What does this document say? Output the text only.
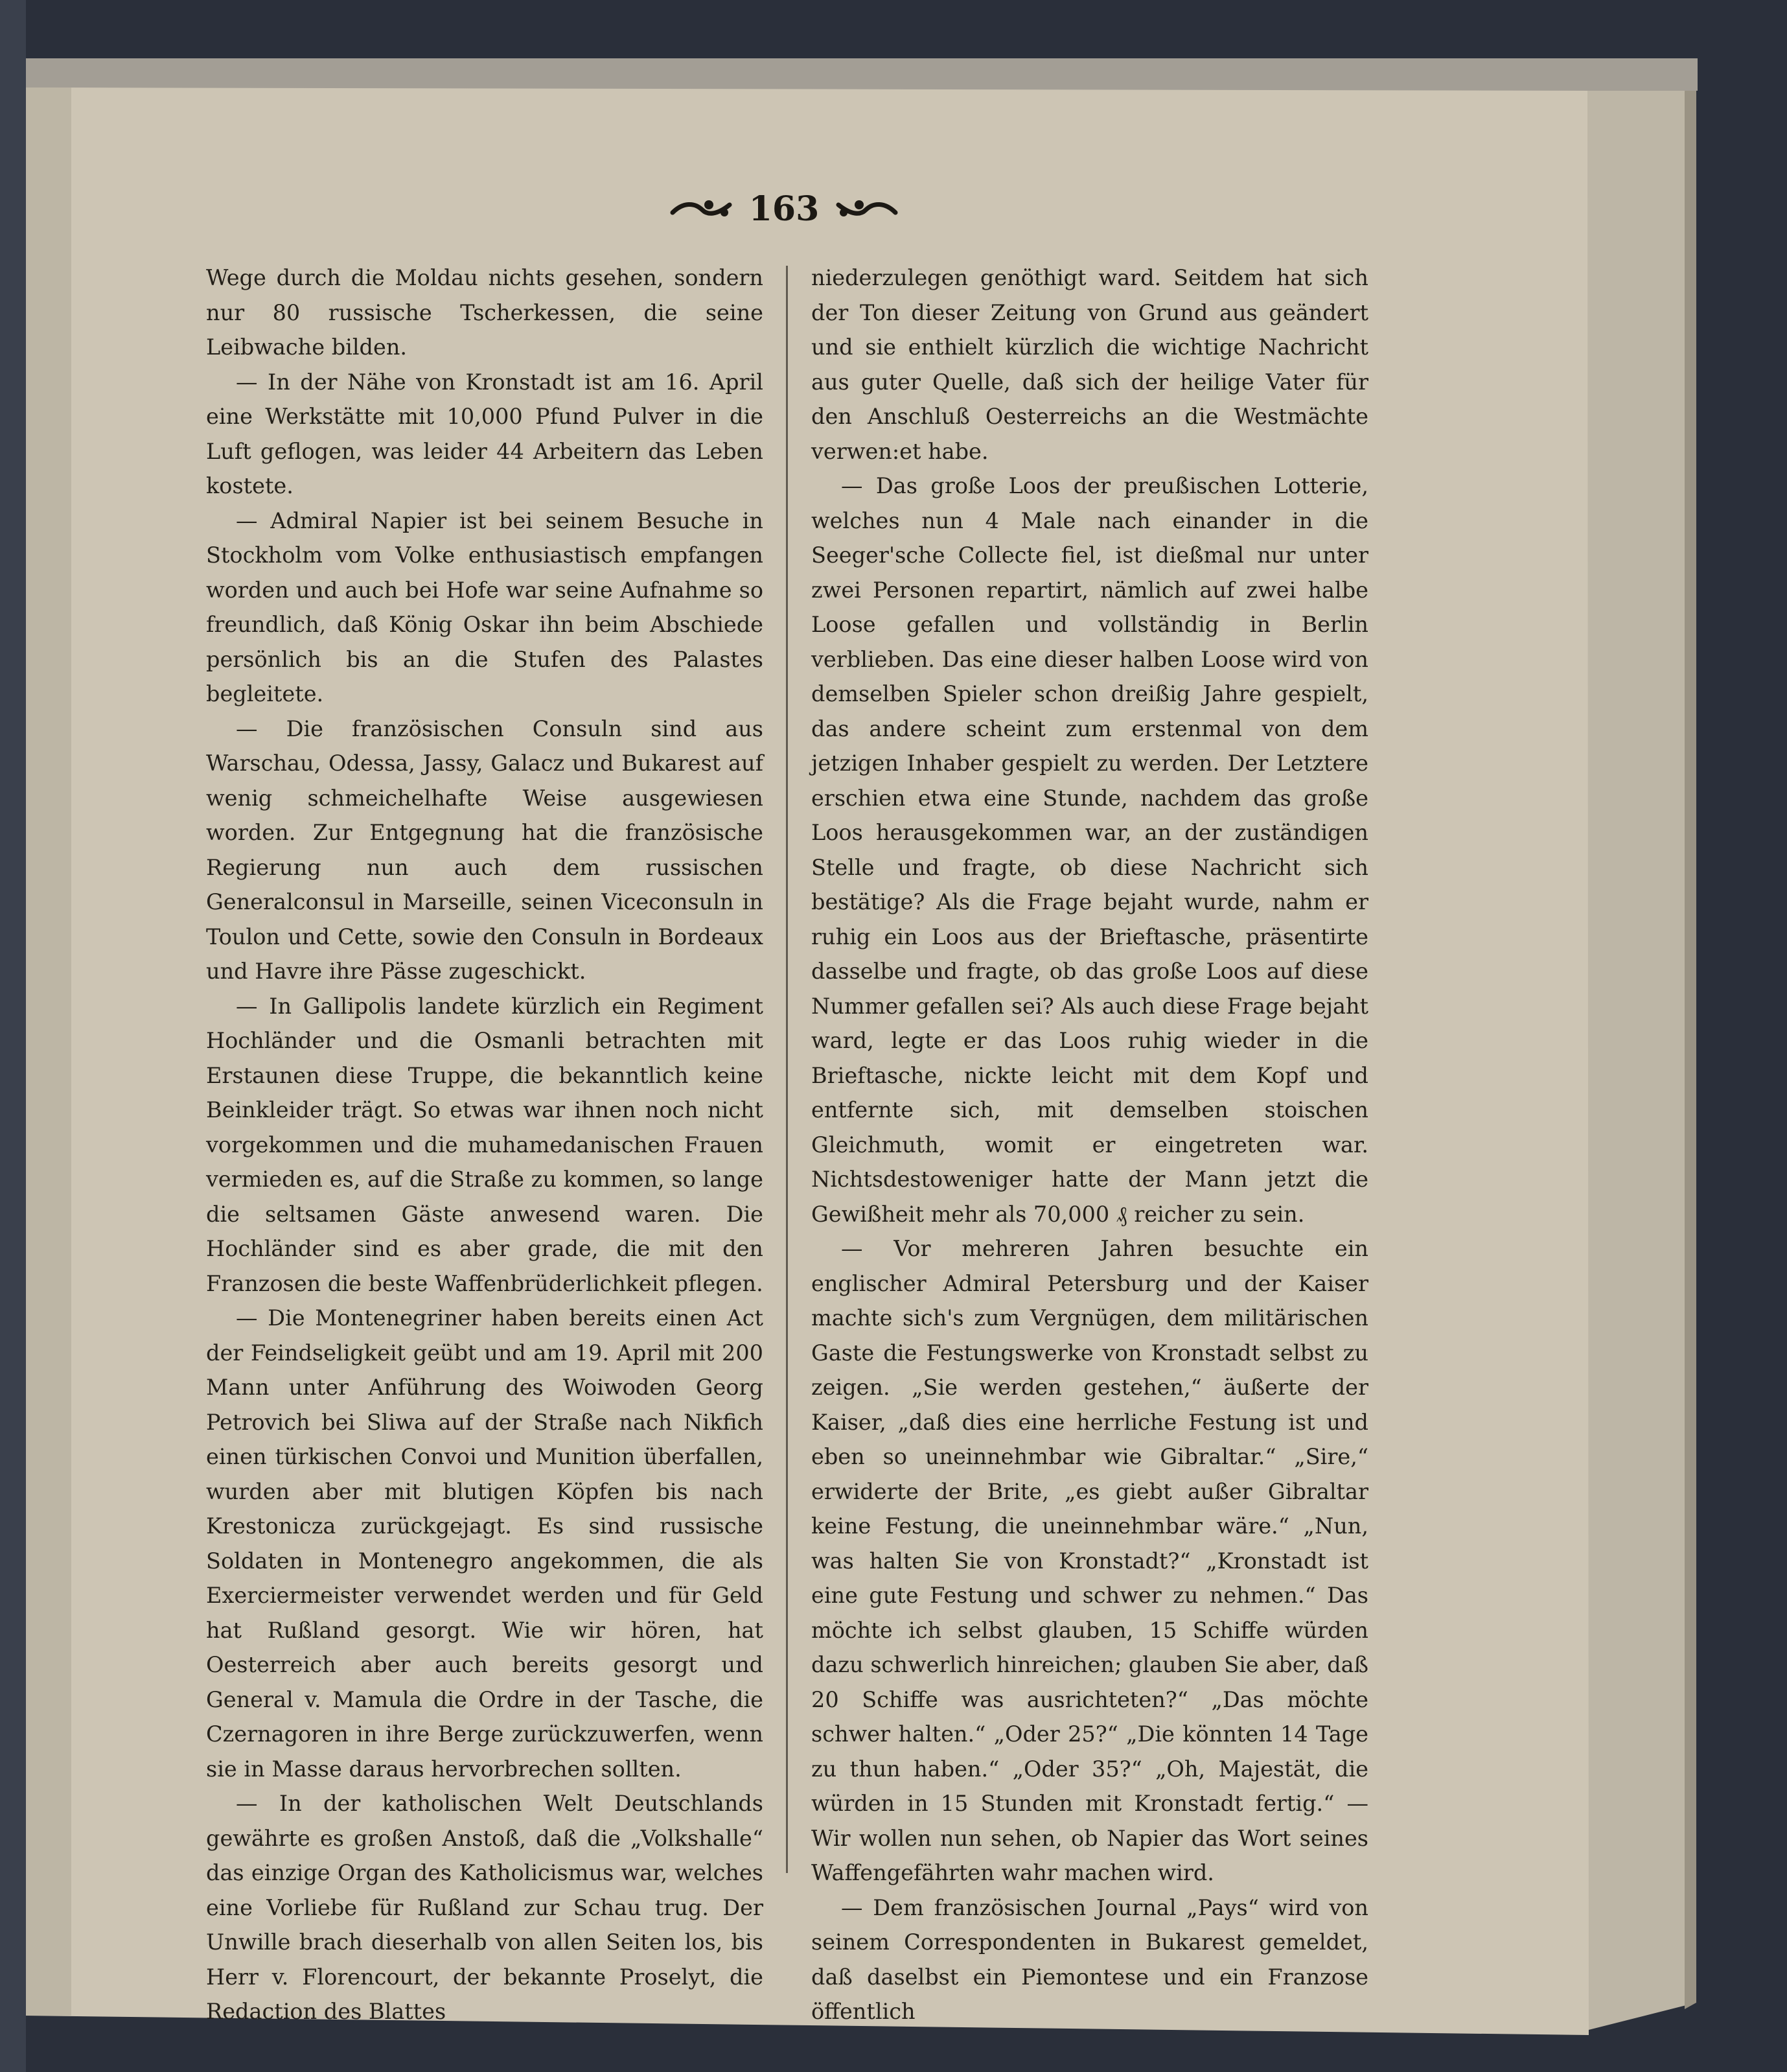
163

Wege durch die Moldau nichts gesehen, sondern nur 80 russische Tscherkessen, die seine Leibwache bilden.

— In der Nähe von Kronstadt ist am 16. April eine Werkstätte mit 10,000 Pfund Pulver in die Luft geflogen, was leider 44 Arbeitern das Leben kostete.

— Admiral Napier ist bei seinem Besuche in Stockholm vom Volke enthusiastisch empfangen worden und auch bei Hofe war seine Aufnahme so freundlich, daß König Oskar ihn beim Abschiede persönlich bis an die Stufen des Palastes begleitete.

— Die französischen Consuln sind aus Warschau, Odessa, Jassy, Galacz und Bukarest auf wenig schmeichelhafte Weise ausgewiesen worden. Zur Entgegnung hat die französische Regierung nun auch dem russischen Generalconsul in Marseille, seinen Viceconsuln in Toulon und Cette, sowie den Consuln in Bordeaux und Havre ihre Pässe zugeschickt.

— In Gallipolis landete kürzlich ein Regiment Hochländer und die Osmanli betrachten mit Erstaunen diese Truppe, die bekanntlich keine Beinkleider trägt. So etwas war ihnen noch nicht vorgekommen und die muhamedanischen Frauen vermieden es, auf die Straße zu kommen, so lange die seltsamen Gäste anwesend waren. Die Hochländer sind es aber grade, die mit den Franzosen die beste Waffenbrüderlichkeit pflegen.

— Die Montenegriner haben bereits einen Act der Feindseligkeit geübt und am 19. April mit 200 Mann unter Anführung des Woiwoden Georg Petrovich bei Sliwa auf der Straße nach Nikfich einen türkischen Convoi und Munition überfallen, wurden aber mit blutigen Köpfen bis nach Krestonicza zurückgejagt. Es sind russische Soldaten in Montenegro angekommen, die als Exerciermeister verwendet werden und für Geld hat Rußland gesorgt. Wie wir hören, hat Oesterreich aber auch bereits gesorgt und General v. Mamula die Ordre in der Tasche, die Czernagoren in ihre Berge zurückzuwerfen, wenn sie in Masse daraus hervorbrechen sollten.

— In der katholischen Welt Deutschlands gewährte es großen Anstoß, daß die „Volkshalle“ das einzige Organ des Katholicismus war, welches eine Vorliebe für Rußland zur Schau trug. Der Unwille brach dieserhalb von allen Seiten los, bis Herr v. Florencourt, der bekannte Proselyt, die Redaction des Blattes

niederzulegen genöthigt ward. Seitdem hat sich der Ton dieser Zeitung von Grund aus geändert und sie enthielt kürzlich die wichtige Nachricht aus guter Quelle, daß sich der heilige Vater für den Anschluß Oesterreichs an die Westmächte verwen:et habe.

— Das große Loos der preußischen Lotterie, welches nun 4 Male nach einander in die Seeger'sche Collecte fiel, ist dießmal nur unter zwei Personen repartirt, nämlich auf zwei halbe Loose gefallen und vollständig in Berlin verblieben. Das eine dieser halben Loose wird von demselben Spieler schon dreißig Jahre gespielt, das andere scheint zum erstenmal von dem jetzigen Inhaber gespielt zu werden. Der Letztere erschien etwa eine Stunde, nachdem das große Loos herausgekommen war, an der zuständigen Stelle und fragte, ob diese Nachricht sich bestätige? Als die Frage bejaht wurde, nahm er ruhig ein Loos aus der Brieftasche, präsentirte dasselbe und fragte, ob das große Loos auf diese Nummer gefallen sei? Als auch diese Frage bejaht ward, legte er das Loos ruhig wieder in die Brieftasche, nickte leicht mit dem Kopf und entfernte sich, mit demselben stoischen Gleichmuth, womit er eingetreten war. Nichtsdestoweniger hatte der Mann jetzt die Gewißheit mehr als 70,000 ₰ reicher zu sein.

— Vor mehreren Jahren besuchte ein englischer Admiral Petersburg und der Kaiser machte sich's zum Vergnügen, dem militärischen Gaste die Festungswerke von Kronstadt selbst zu zeigen. „Sie werden gestehen,“ äußerte der Kaiser, „daß dies eine herrliche Festung ist und eben so uneinnehmbar wie Gibraltar.“ „Sire,“ erwiderte der Brite, „es giebt außer Gibraltar keine Festung, die uneinnehmbar wäre.“ „Nun, was halten Sie von Kronstadt?“ „Kronstadt ist eine gute Festung und schwer zu nehmen.“ Das möchte ich selbst glauben, 15 Schiffe würden dazu schwerlich hinreichen; glauben Sie aber, daß 20 Schiffe was ausrichteten?“ „Das möchte schwer halten.“ „Oder 25?“ „Die könnten 14 Tage zu thun haben.“ „Oder 35?“ „Oh, Majestät, die würden in 15 Stunden mit Kronstadt fertig.“ — Wir wollen nun sehen, ob Napier das Wort seines Waffengefährten wahr machen wird.

— Dem französischen Journal „Pays“ wird von seinem Correspondenten in Bukarest gemeldet, daß daselbst ein Piemontese und ein Franzose öffentlich
